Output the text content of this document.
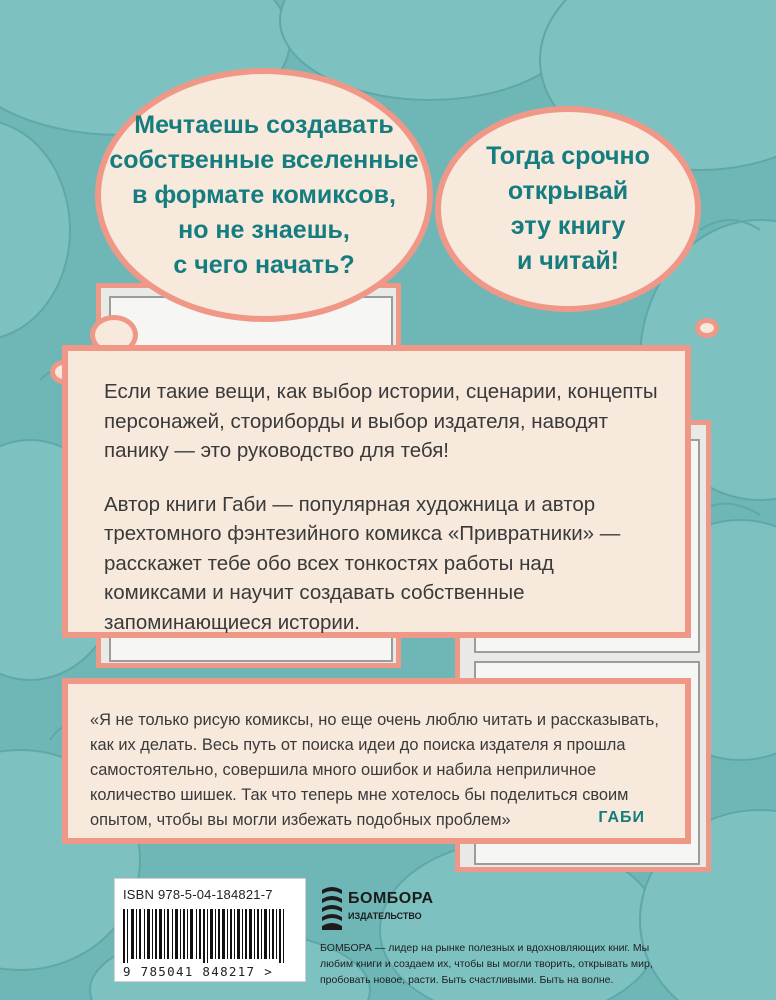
Мечтаешь создавать
собственные вселенные
в формате комиксов,
но не знаешь,
с чего начать?
Тогда срочно
открывай
эту книгу
и читай!

Если такие вещи, как выбор истории, сценарии, концепты персонажей, сториборды и выбор издателя, наводят панику — это руководство для тебя!

Автор книги Габи — популярная художница и автор трехтомного фэнтезийного комикса «Привратники» — расскажет тебе обо всех тонкостях работы над комиксами и научит создавать собственные запоминающиеся истории.

«Я не только рисую комиксы, но еще очень люблю читать и рассказывать, как их делать. Весь путь от поиска идеи до поиска издателя я прошла самостоятельно, совершила много ошибок и набила неприличное количество шишек. Так что теперь мне хотелось бы поделиться своим опытом, чтобы вы могли избежать подобных проблем»	ГАБИ
ISBN 978-5-04-184821-7
9 785041 848217 >
БОМБОРА
ИЗДАТЕЛЬСТВО
БОМБОРА — лидер на рынке полезных и вдохновляющих книг. Мы любим книги и создаем их, чтобы вы могли творить, открывать мир, пробовать новое, расти. Быть счастливыми. Быть на волне.
